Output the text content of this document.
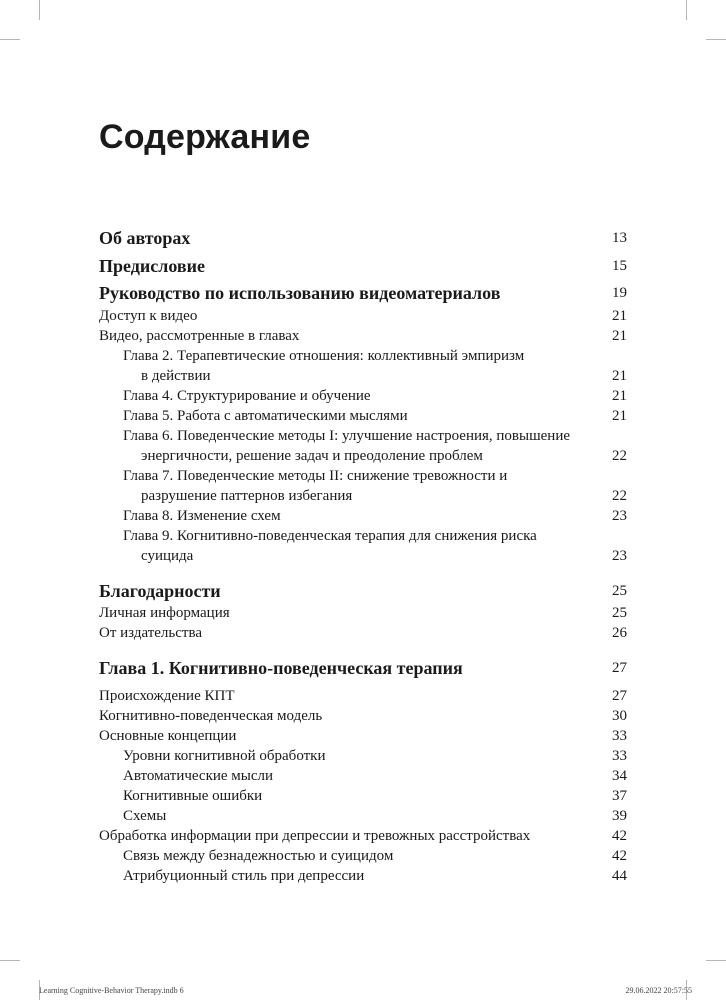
Содержание
Об авторах	13
Предисловие	15
Руководство по использованию видеоматериалов	19
Доступ к видео	21
Видео, рассмотренные в главах	21
Глава 2. Терапевтические отношения: коллективный эмпиризм
в действии	21
Глава 4. Структурирование и обучение	21
Глава 5. Работа с автоматическими мыслями	21
Глава 6. Поведенческие методы I: улучшение настроения, повышение
энергичности, решение задач и преодоление проблем	22
Глава 7. Поведенческие методы II: снижение тревожности и
разрушение паттернов избегания	22
Глава 8. Изменение схем	23
Глава 9. Когнитивно-поведенческая терапия для снижения риска
суицида	23
Благодарности	25
Личная информация	25
От издательства	26
Глава 1. Когнитивно-поведенческая терапия	27
Происхождение КПТ	27
Когнитивно-поведенческая модель	30
Основные концепции	33
Уровни когнитивной обработки	33
Автоматические мысли	34
Когнитивные ошибки	37
Схемы	39
Обработка информации при депрессии и тревожных расстройствах	42
Связь между безнадежностью и суицидом	42
Атрибуционный стиль при депрессии	44
Learning Cognitive-Behavior Therapy.indb 6	29.06.2022 20:57:55
